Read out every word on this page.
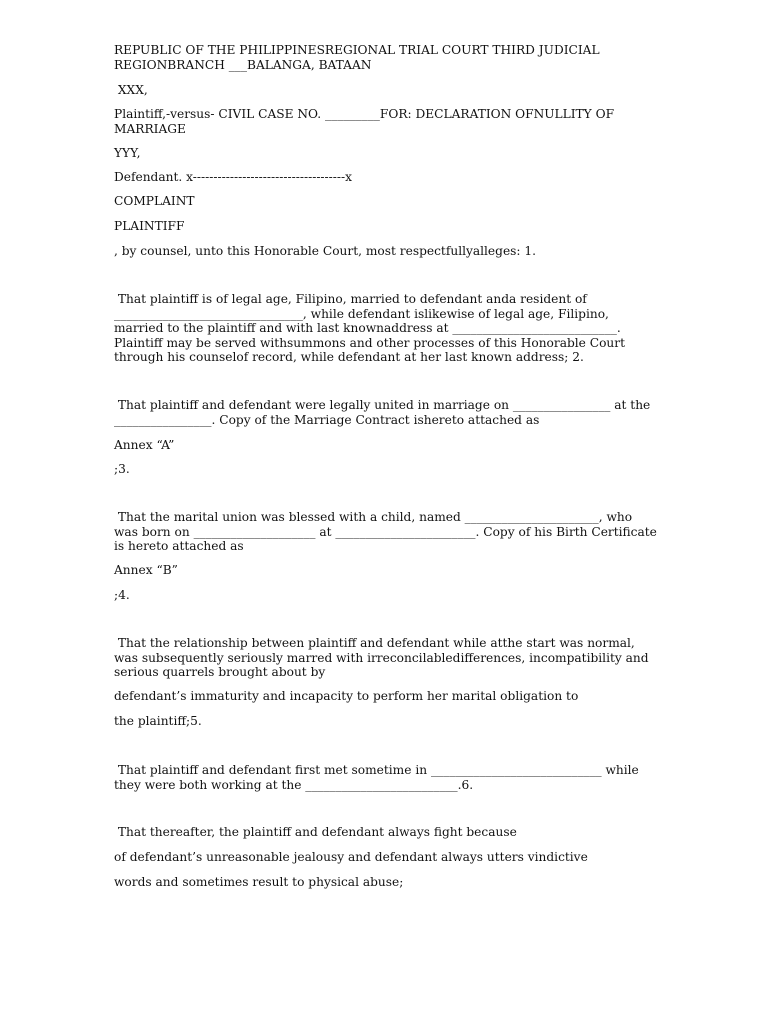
REPUBLIC OF THE PHILIPPINESREGIONAL TRIAL COURT THIRD JUDICIAL REGIONBRANCH ___BALANGA, BATAAN

XXX,

Plaintiff,-versus- CIVIL CASE NO. _________FOR: DECLARATION OFNULLITY OF MARRIAGE

YYY,

Defendant. x-------------------------------------x

COMPLAINT

PLAINTIFF

, by counsel, unto this Honorable Court, most respectfullyalleges: 1.

That plaintiff is of legal age, Filipino, married to defendant anda resident of _______________________________, while defendant islikewise of legal age, Filipino, married to the plaintiff and with last knownaddress at ___________________________. Plaintiff may be served withsummons and other processes of this Honorable Court through his counselof record, while defendant at her last known address; 2.

That plaintiff and defendant were legally united in marriage on ________________ at the ________________. Copy of the Marriage Contract ishereto attached as

Annex “A”

;3.

That the marital union was blessed with a child, named ______________________, who was born on ____________________ at _______________________. Copy of his Birth Certificate is hereto attached as

Annex “B”

;4.

That the relationship between plaintiff and defendant while atthe start was normal, was subsequently seriously marred with irreconcilabledifferences, incompatibility and serious quarrels brought about by

defendant’s immaturity and incapacity to perform her marital obligation to

the plaintiff;5.

That plaintiff and defendant first met sometime in ____________________________ while they were both working at the _________________________.6.

That thereafter, the plaintiff and defendant always fight because

of defendant’s unreasonable jealousy and defendant always utters vindictive

words and sometimes result to physical abuse;
